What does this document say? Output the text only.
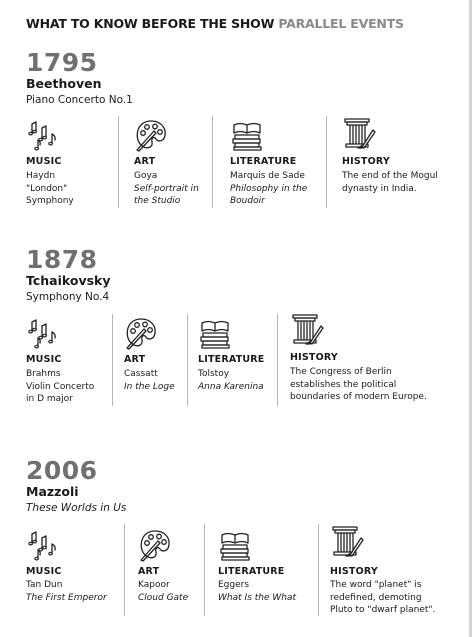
WHAT TO KNOW BEFORE THE SHOW PARALLEL EVENTS
1795
Beethoven
Piano Concerto No.1
MUSIC
Haydn
"London"
Symphony
ART
Goya
Self-portrait in
the Studio
LITERATURE
Marquis de Sade
Philosophy in the
Boudoir
HISTORY
The end of the Mogul
dynasty in India.
1878
Tchaikovsky
Symphony No.4
MUSIC
Brahms
Violin Concerto
in D major
ART
Cassatt
In the Loge
LITERATURE
Tolstoy
Anna Karenina
HISTORY
The Congress of Berlin
establishes the political
boundaries of modern Europe.
2006
Mazzoli
These Worlds in Us
MUSIC
Tan Dun
The First Emperor
ART
Kapoor
Cloud Gate
LITERATURE
Eggers
What Is the What
HISTORY
The word "planet" is
redefined, demoting
Pluto to "dwarf planet".
